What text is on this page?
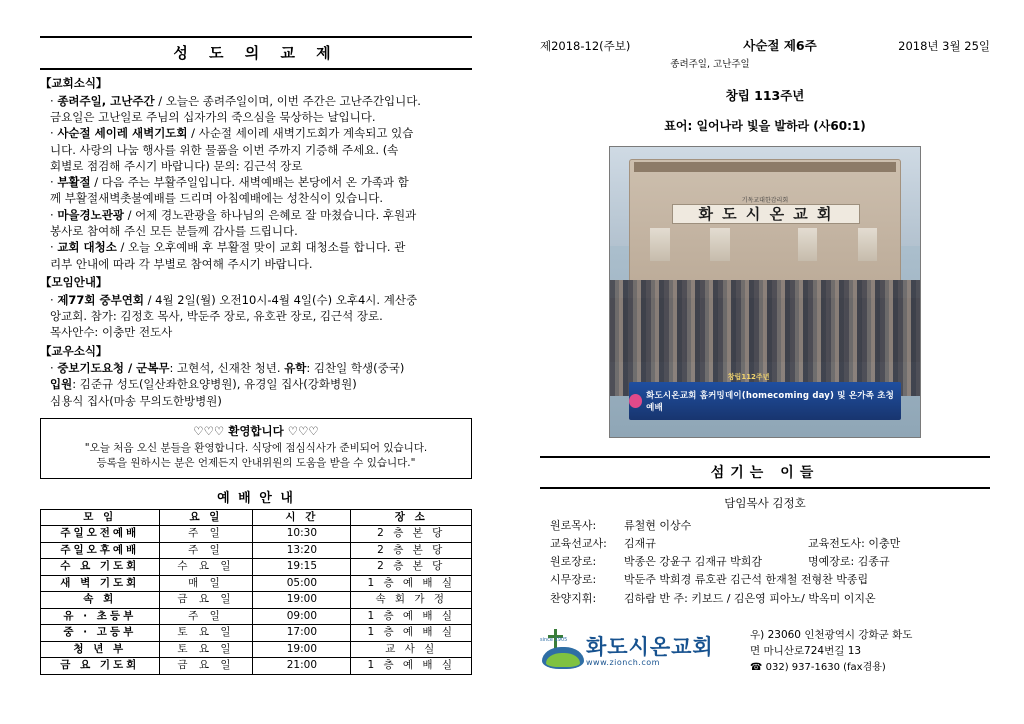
성 도 의 교 제
【교회소식】
· 종려주일, 고난주간 / 오늘은 종려주일이며, 이번 주간은 고난주간입니다.
금요일은 고난일로 주님의 십자가의 죽으심을 묵상하는 날입니다.
· 사순절 세이레 새벽기도회 / 사순절 세이레 새벽기도회가 계속되고 있습
니다. 사랑의 나눔 행사를 위한 물품을 이번 주까지 기증해 주세요. (속
회별로 점검해 주시기 바랍니다) 문의: 김근석 장로
· 부활절 / 다음 주는 부활주일입니다. 새벽예배는 본당에서 온 가족과 함
께 부활절새벽촛불예배를 드리며 아침예배에는 성찬식이 있습니다.
· 마을경노관광 / 어제 경노관광을 하나님의 은혜로 잘 마쳤습니다. 후원과
봉사로 참여해 주신 모든 분들께 감사를 드립니다.
· 교회 대청소 / 오늘 오후예배 후 부활절 맞이 교회 대청소를 합니다. 관
리부 안내에 따라 각 부별로 참여해 주시기 바랍니다.
【모임안내】
· 제77회 중부연회 / 4월 2일(월) 오전10시-4월 4일(수) 오후4시. 계산중
앙교회. 참가: 김정호 목사, 박둔주 장로, 유호관 장로, 김근석 장로.
목사안수: 이충만 전도사
【교우소식】
· 중보기도요청 / 군복무: 고현석, 신재찬 청년. 유학: 김찬일 학생(중국)
입원: 김준규 성도(일산좌한요양병원), 유경일 집사(강화병원)
심용식 집사(마송 무의도한방병원)
♡♡♡ 환영합니다 ♡♡♡
"오늘 처음 오신 분들을 환영합니다. 식당에 점심식사가 준비되어 있습니다.
등록을 원하시는 분은 언제든지 안내위원의 도움을 받을 수 있습니다."
예 배 안 내
모 임	요 일	시 간	장 소
주일오전예배	주 일	10:30	2 층 본 당
주일오후예배	주 일	13:20	2 층 본 당
수 요 기도회	수 요 일	19:15	2 층 본 당
새 벽 기도회	매 일	05:00	1 층 예 배 실
속 회	금 요 일	19:00	속 회 가 정
유 · 초등부	주 일	09:00	1 층 예 배 실
중 · 고등부	토 요 일	17:00	1 층 예 배 실
청 년 부	토 요 일	19:00	교 사 실
금 요 기도회	금 요 일	21:00	1 층 예 배 실
제2018-12(주보)	사순절 제6주	2018년 3월 25일
종려주일, 고난주일
창립 113주년
표어: 일어나라 빛을 발하라 (사60:1)
기독교대한감리회
화 도 시 온 교 회
창립112주년
화도시온교회 홈커밍데이(homecoming day) 및 온가족 초청예배
섬기는 이들
담임목사 김정호
원로목사:	류철현 이상수
교육선교사:	김재규	교육전도사: 이충만
원로장로:	박종은 강윤구 김재규 박희감	명예장로: 김종규
시무장로:	박둔주 박희경 류호관 김근석 한재철 전형찬 박종립
찬양지휘:	김하람 반 주: 키보드 / 김은영 피아노/ 박옥미 이지온
since 1905 화도시온교회
www.zionch.com
우) 23060 인천광역시 강화군 화도
면 마니산로724번길 13
☎ 032) 937-1630 (fax겸용)
